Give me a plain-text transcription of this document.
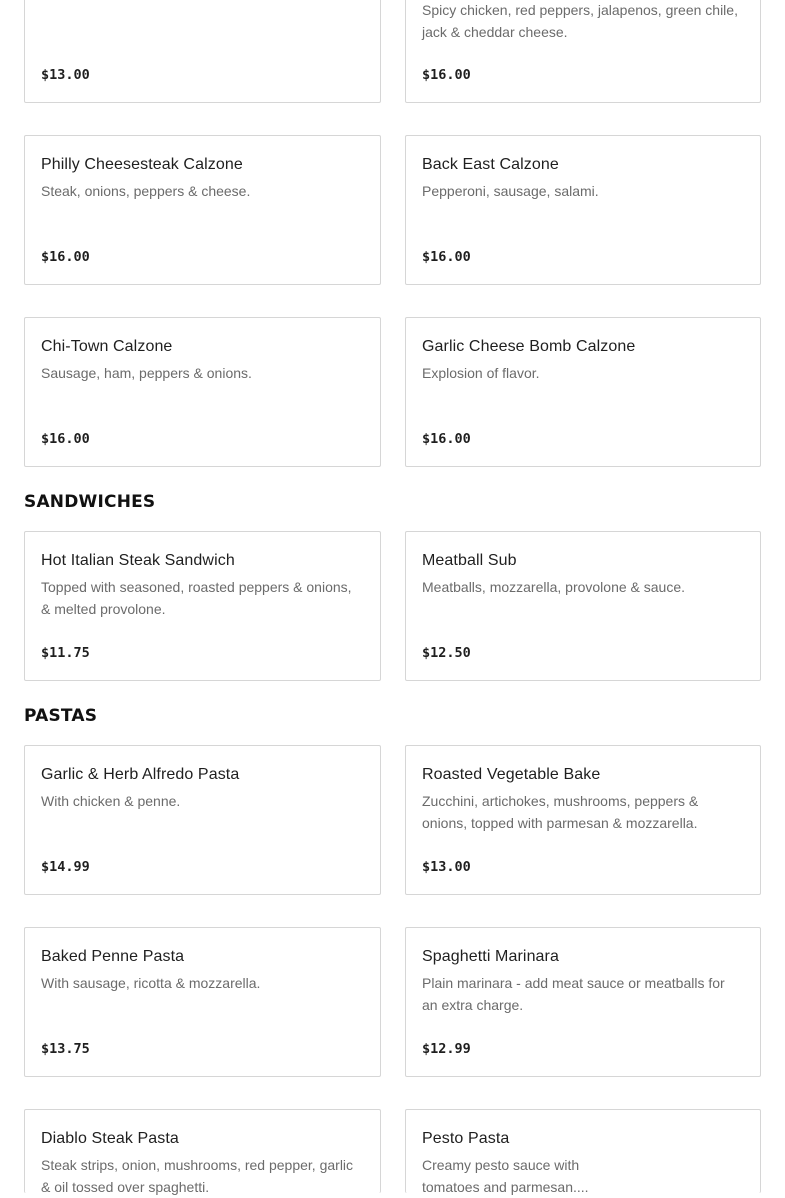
$13.00
Spicy chicken, red peppers, jalapenos, green chile, jack & cheddar cheese.
$16.00
Philly Cheesesteak Calzone
Steak, onions, peppers & cheese.
$16.00
Back East Calzone
Pepperoni, sausage, salami.
$16.00
Chi-Town Calzone
Sausage, ham, peppers & onions.
$16.00
Garlic Cheese Bomb Calzone
Explosion of flavor.
$16.00
SANDWICHES
Hot Italian Steak Sandwich
Topped with seasoned, roasted peppers & onions, & melted provolone.
$11.75
Meatball Sub
Meatballs, mozzarella, provolone & sauce.
$12.50
PASTAS
Garlic & Herb Alfredo Pasta
With chicken & penne.
$14.99
Roasted Vegetable Bake
Zucchini, artichokes, mushrooms, peppers & onions, topped with parmesan & mozzarella.
$13.00
Baked Penne Pasta
With sausage, ricotta & mozzarella.
$13.75
Spaghetti Marinara
Plain marinara - add meat sauce or meatballs for an extra charge.
$12.99
Diablo Steak Pasta
Steak strips, onion, mushrooms, red pepper, garlic & oil tossed over spaghetti.
Pesto Pasta
Creamy pesto sauce with tomatoes and parmesan....
